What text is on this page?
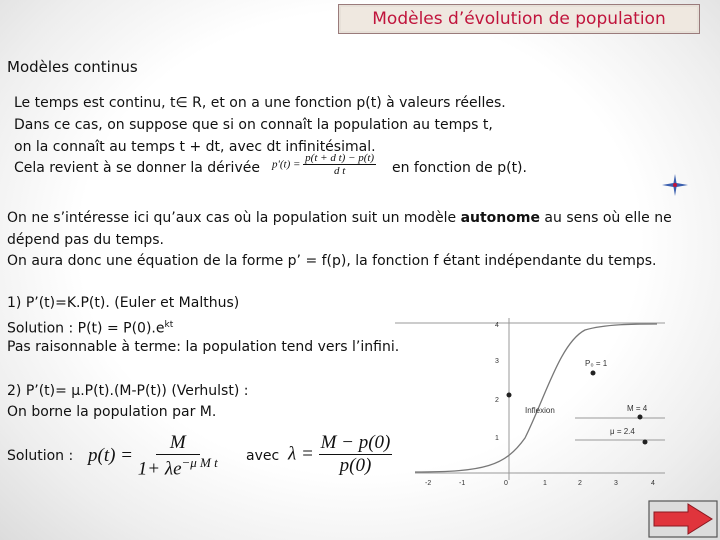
Modèles d’évolution de population
Modèles continus
Le temps est continu, t∈ R, et on a une fonction p(t) à valeurs réelles.
Dans ce cas, on suppose que si on connaît la population au temps t,
on la connaît au temps t + dt, avec dt infinitésimal.
Cela revient à se donner la dérivée $p'(t) = \frac{\text{p(t + d t) − p(t)}}{\text{d t}}$ en fonction de p(t).
On ne s’intéresse ici qu’aux cas où la population suit un modèle autonome au sens où elle ne
dépend pas du temps.
On aura donc une équation de la forme p’ = f(p), la fonction f étant indépendante du temps.
1) P’(t)=K.P(t). (Euler et Malthus)
Solution : $P(t) = P(0).e^{kt}$
Pas raisonnable à terme: la population tend vers l’infini.
2) P’(t)= μ.P(t).(M-P(t)) (Verhulst) :
On borne la population par M.
Solution : $p(t) = \frac{M}{1+ \lambda e^{-\mu M t}}$ avec $\lambda = \frac{M - p(0)}{p(0)}$
4
3
2
1
-2	-1	0	1	2	3	4
P₀ = 1
Inflexion	M = 4
μ = 2.4
